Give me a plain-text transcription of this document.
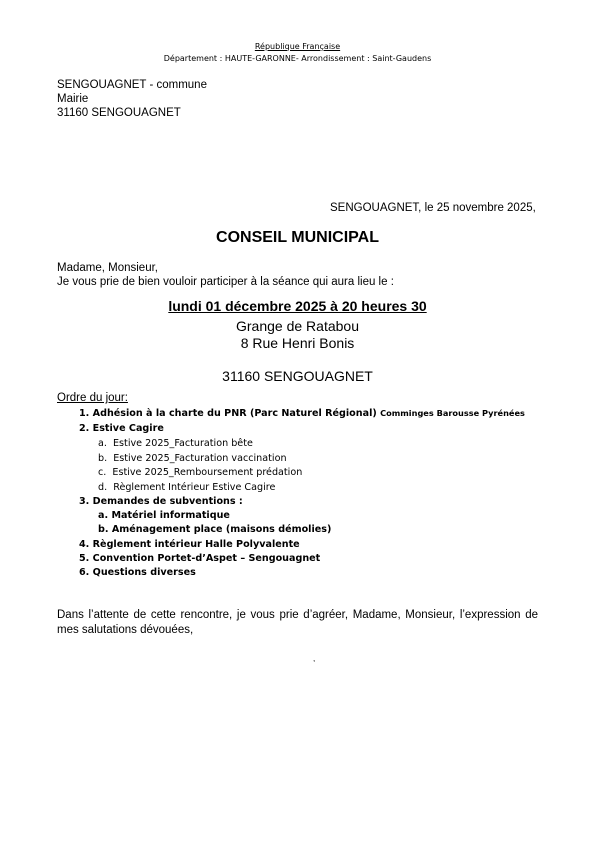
République Française
Département : HAUTE-GARONNE- Arrondissement : Saint-Gaudens
SENGOUAGNET - commune
Mairie
31160 SENGOUAGNET
SENGOUAGNET, le 25 novembre 2025,
CONSEIL MUNICIPAL
Madame, Monsieur,
Je vous prie de bien vouloir participer à la séance qui aura lieu le :
lundi 01 décembre 2025 à 20 heures 30
Grange de Ratabou
8 Rue Henri Bonis
31160 SENGOUAGNET
Ordre du jour:
1. Adhésion à la charte du PNR (Parc Naturel Régional) Comminges Barousse Pyrénées
2. Estive Cagire
a. Estive 2025_Facturation bête
b. Estive 2025_Facturation vaccination
c. Estive 2025_Remboursement prédation
d. Règlement Intérieur Estive Cagire
3. Demandes de subventions :
a. Matériel informatique
b. Aménagement place (maisons démolies)
4. Règlement intérieur Halle Polyvalente
5. Convention Portet-d’Aspet – Sengouagnet
6. Questions diverses
Dans l’attente de cette rencontre, je vous prie d’agréer, Madame, Monsieur, l’expression de
mes salutations dévouées,
,
